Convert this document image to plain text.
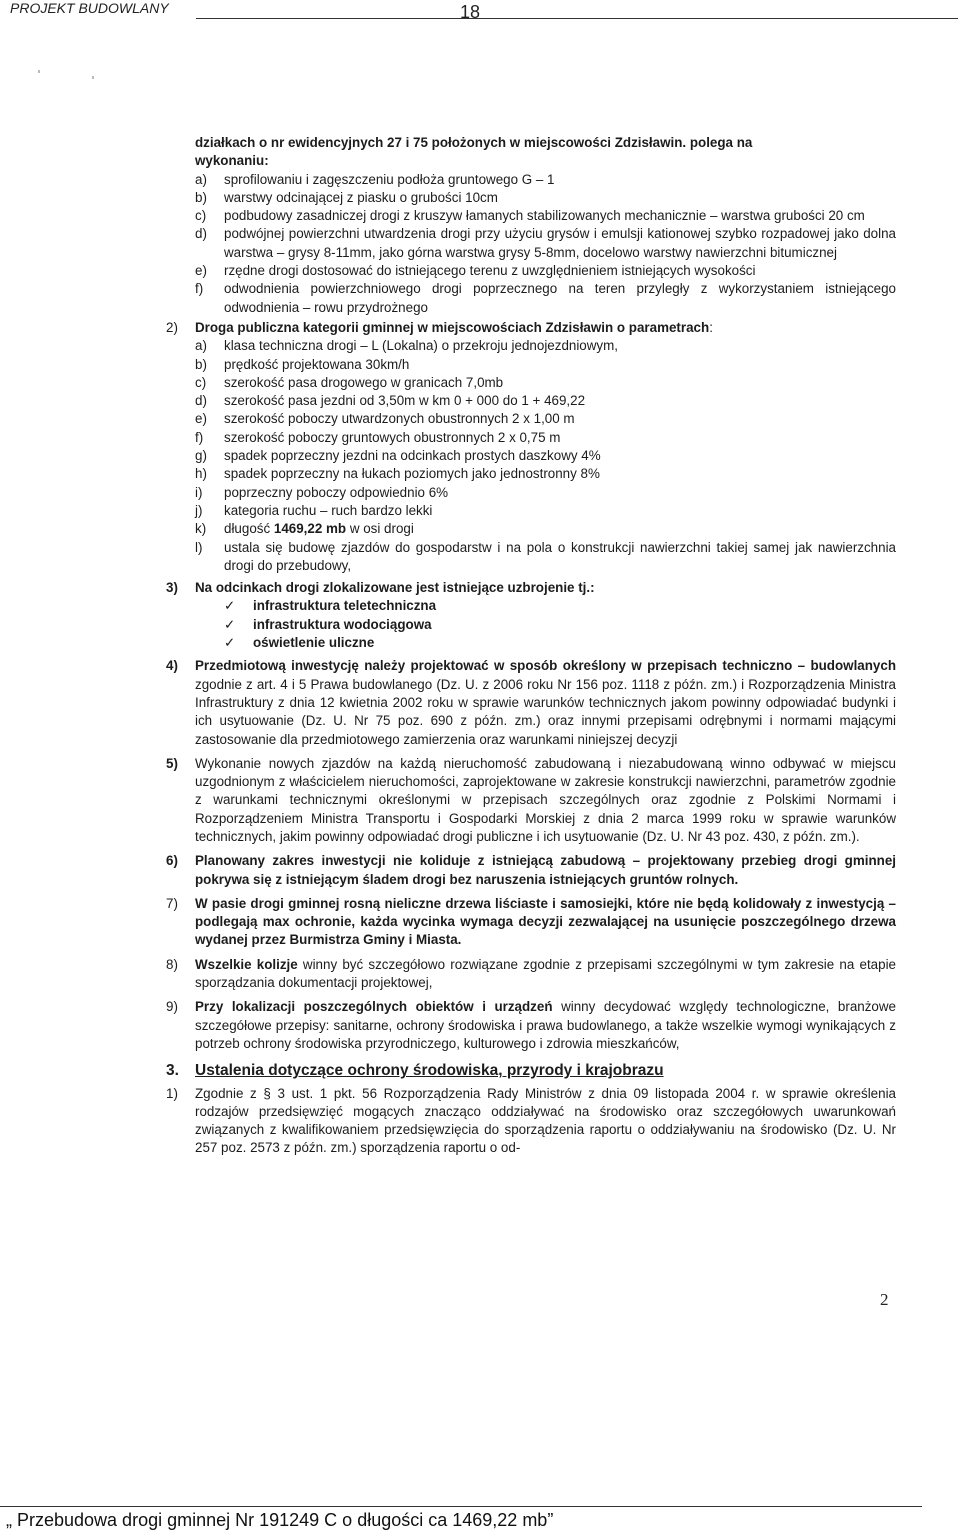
PROJEKT BUDOWLANY	18

działkach o nr ewidencyjnych 27 i 75 położonych w miejscowości Zdzisławin. polega na

wykonaniu:

a)	sprofilowaniu i zagęszczeniu podłoża gruntowego G – 1
b)	warstwy odcinającej z piasku o grubości 10cm
c)	podbudowy zasadniczej drogi z kruszyw łamanych stabilizowanych mechanicznie – warstwa grubości 20 cm
d)	podwójnej powierzchni utwardzenia drogi przy użyciu grysów i emulsji kationowej szybko rozpadowej jako dolna warstwa – grysy 8-11mm, jako górna warstwa grysy 5-8mm, docelowo warstwy nawierzchni bitumicznej
e)	rzędne drogi dostosować do istniejącego terenu z uwzględnieniem istniejących wysokości
f)	odwodnienia powierzchniowego drogi poprzecznego na teren przyległy z wykorzystaniem istniejącego odwodnienia – rowu przydrożnego
2)	Droga publiczna kategorii gminnej w miejscowościach Zdzisławin o parametrach:

a)	klasa techniczna drogi – L (Lokalna) o przekroju jednojezdniowym,
b)	prędkość projektowana 30km/h
c)	szerokość pasa drogowego w granicach 7,0mb
d)	szerokość pasa jezdni od 3,50m w km 0 + 000 do 1 + 469,22
e)	szerokość poboczy utwardzonych obustronnych 2 x 1,00 m
f)	szerokość poboczy gruntowych obustronnych 2 x 0,75 m
g)	spadek poprzeczny jezdni na odcinkach prostych daszkowy 4%
h)	spadek poprzeczny na łukach poziomych jako jednostronny 8%
i)	poprzeczny poboczy odpowiednio 6%
j)	kategoria ruchu – ruch bardzo lekki
k)	długość 1469,22 mb w osi drogi
l)	ustala się budowę zjazdów do gospodarstw i na pola o konstrukcji nawierzchni takiej samej jak nawierzchnia drogi do przebudowy,
3)	Na odcinkach drogi zlokalizowane jest istniejące uzbrojenie tj.:

✓	infrastruktura teletechniczna
✓	infrastruktura wodociągowa
✓	oświetlenie uliczne
4)	Przedmiotową inwestycję należy projektować w sposób określony w przepisach techniczno – budowlanych zgodnie z art. 4 i 5 Prawa budowlanego (Dz. U. z 2006 roku Nr 156 poz. 1118 z późn. zm.) i Rozporządzenia Ministra Infrastruktury z dnia 12 kwietnia 2002 roku w sprawie warunków technicznych jakom powinny odpowiadać budynki i ich usytuowanie (Dz. U. Nr 75 poz. 690 z późn. zm.) oraz innymi przepisami odrębnymi i normami mającymi zastosowanie dla przedmiotowego zamierzenia oraz warunkami niniejszej decyzji

5)	Wykonanie nowych zjazdów na każdą nieruchomość zabudowaną i niezabudowaną winno odbywać w miejscu uzgodnionym z właścicielem nieruchomości, zaprojektowane w zakresie konstrukcji nawierzchni, parametrów zgodnie z warunkami technicznymi określonymi w przepisach szczególnych oraz zgodnie z Polskimi Normami i Rozporządzeniem Ministra Transportu i Gospodarki Morskiej z dnia 2 marca 1999 roku w sprawie warunków technicznych, jakim powinny odpowiadać drogi publiczne i ich usytuowanie (Dz. U. Nr 43 poz. 430, z późn. zm.).

6)	Planowany zakres inwestycji nie koliduje z istniejącą zabudową – projektowany przebieg drogi gminnej pokrywa się z istniejącym śladem drogi bez naruszenia istniejących gruntów rolnych.

7)	W pasie drogi gminnej rosną nieliczne drzewa liściaste i samosiejki, które nie będą kolidowały z inwestycją – podlegają max ochronie, każda wycinka wymaga decyzji zezwalającej na usunięcie poszczególnego drzewa wydanej przez Burmistrza Gminy i Miasta.

8)	Wszelkie kolizje winny być szczegółowo rozwiązane zgodnie z przepisami szczególnymi w tym zakresie na etapie sporządzania dokumentacji projektowej,

9)	Przy lokalizacji poszczególnych obiektów i urządzeń winny decydować względy technologiczne, branżowe szczegółowe przepisy: sanitarne, ochrony środowiska i prawa budowlanego, a także wszelkie wymogi wynikających z potrzeb ochrony środowiska przyrodniczego, kulturowego i zdrowia mieszkańców,

3.	Ustalenia dotyczące ochrony środowiska, przyrody i krajobrazu
1)	Zgodnie z § 3 ust. 1 pkt. 56 Rozporządzenia Rady Ministrów z dnia 09 listopada 2004 r. w sprawie określenia rodzajów przedsięwzięć mogących znacząco oddziaływać na środowisko oraz szczegółowych uwarunkowań związanych z kwalifikowaniem przedsięwzięcia do sporządzenia raportu o oddziaływaniu na środowisko (Dz. U. Nr 257 poz. 2573 z późn. zm.) sporządzenia raportu o od-

2
„ Przebudowa drogi gminnej Nr 191249 C o długości ca 1469,22 mb”
